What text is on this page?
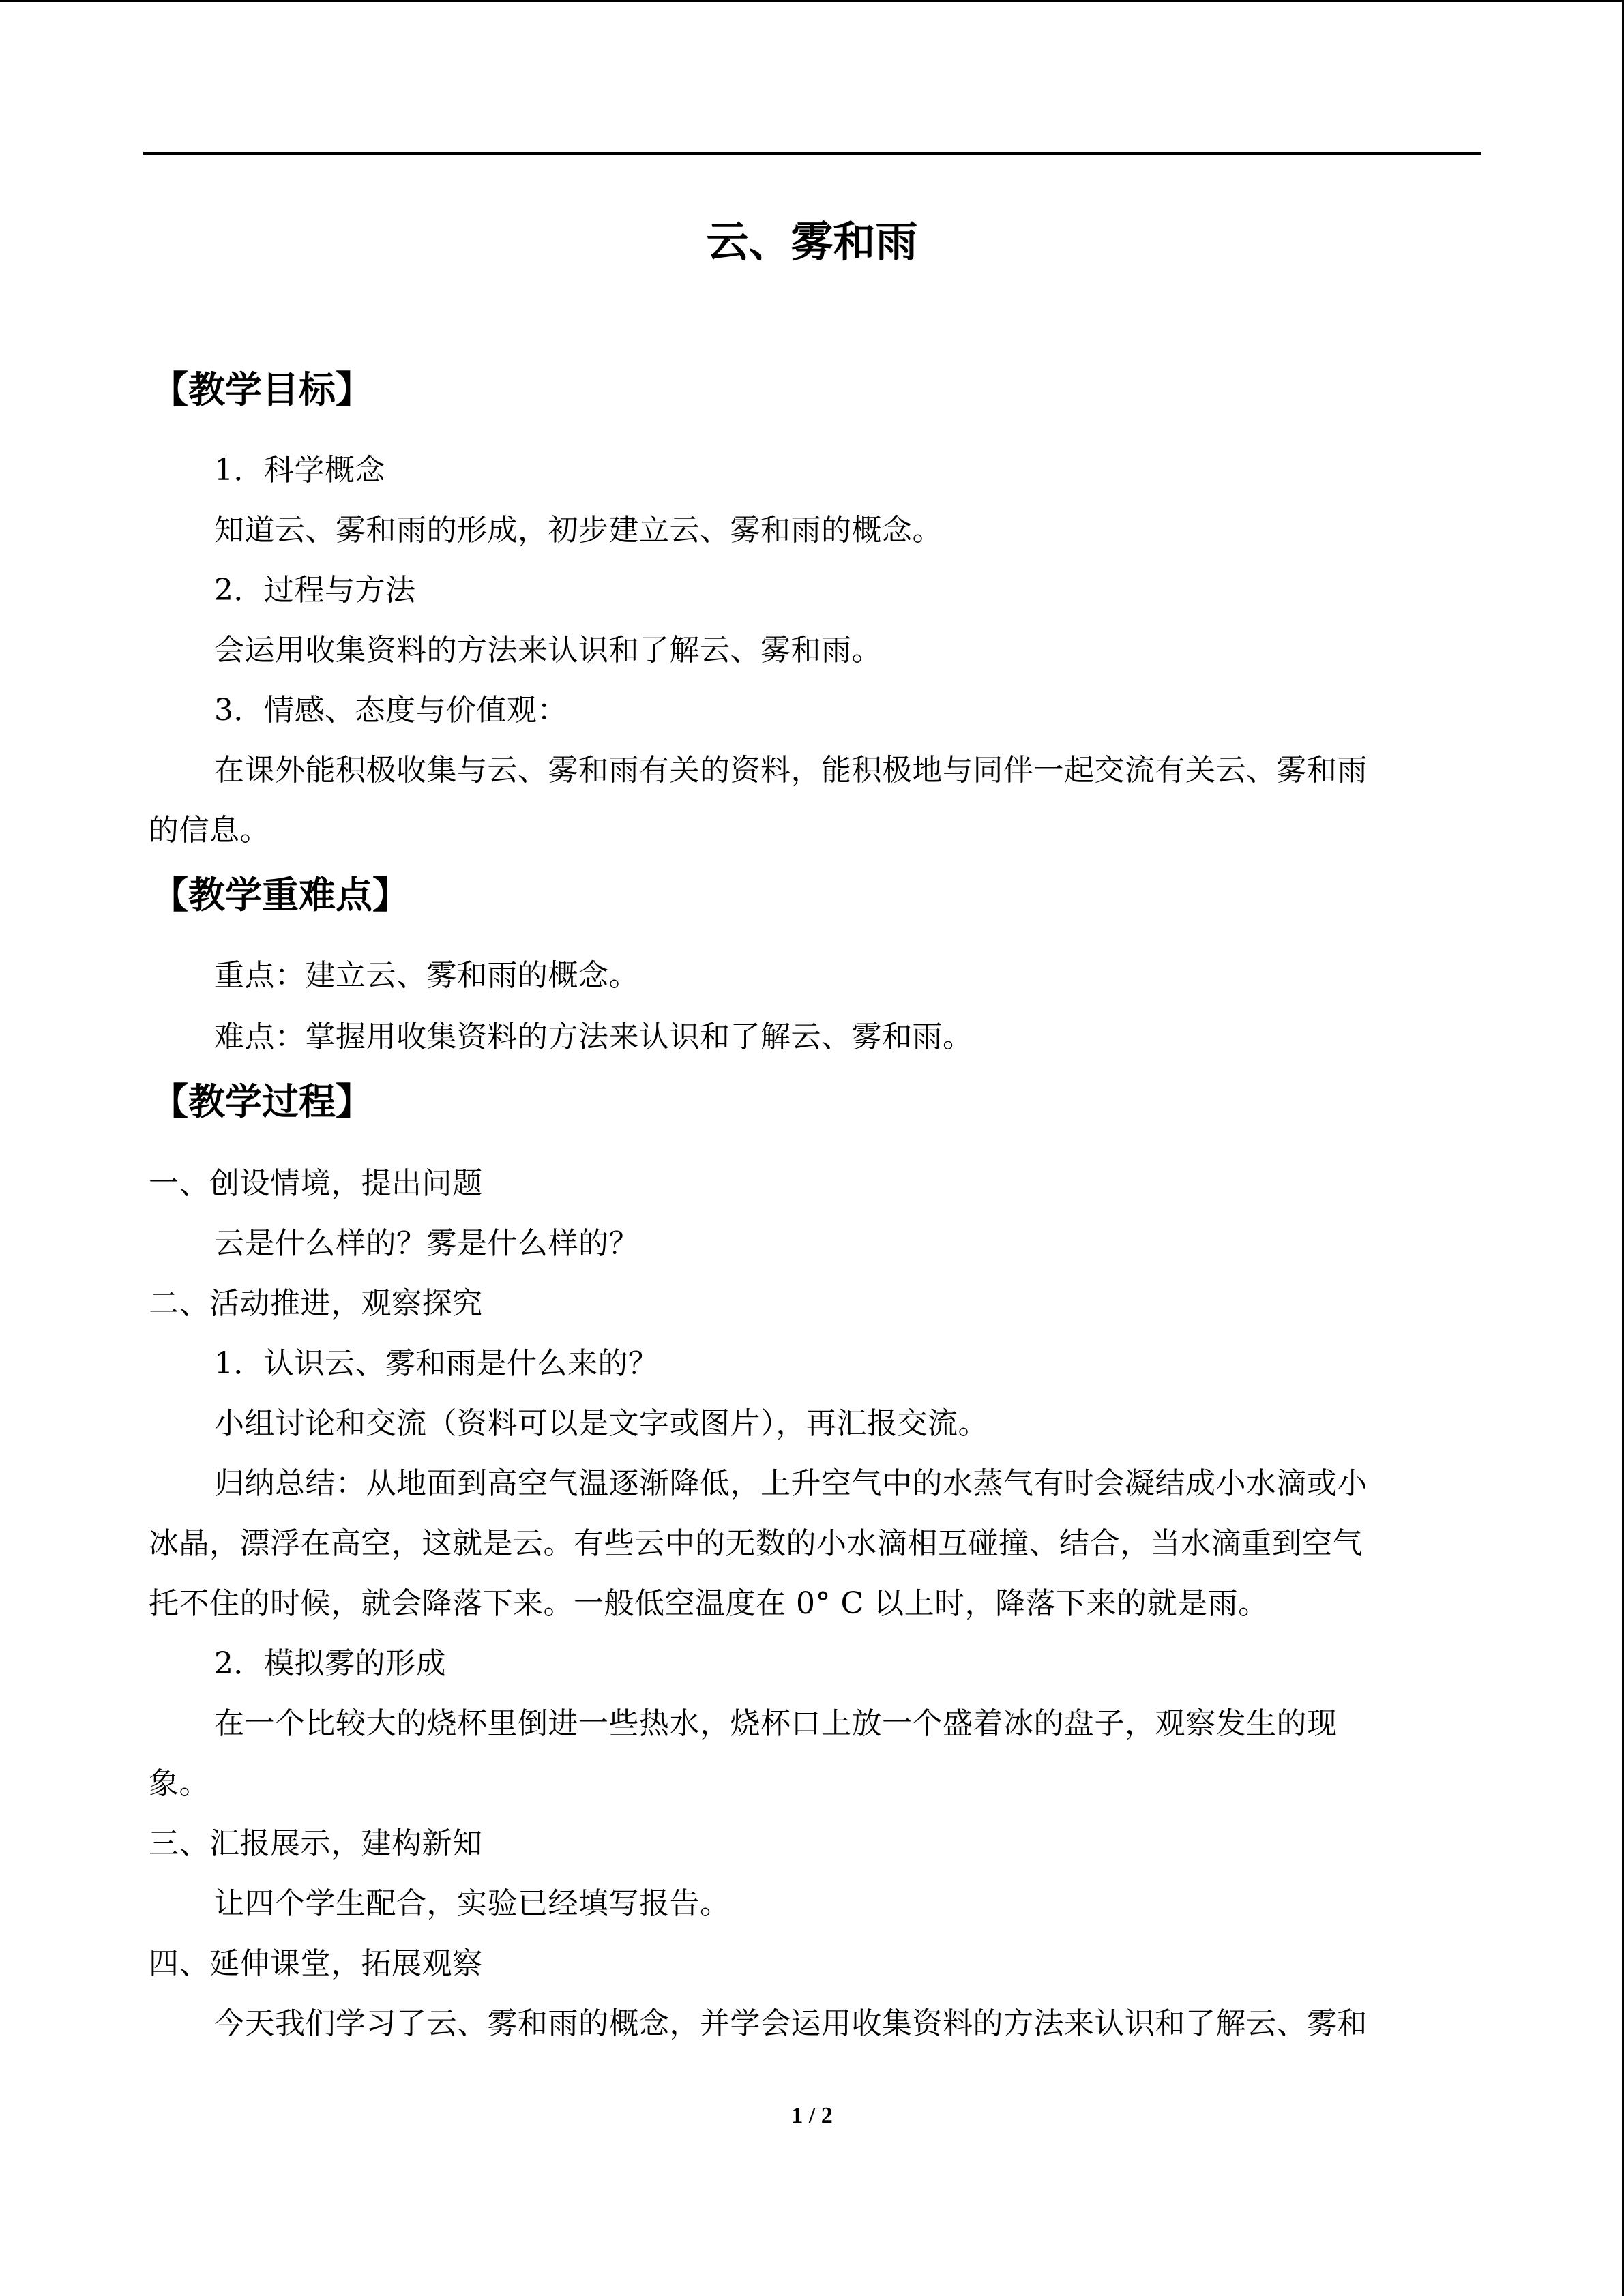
云、雾和雨
【教学目标】
1．科学概念
知道云、雾和雨的形成，初步建立云、雾和雨的概念。
2．过程与方法
会运用收集资料的方法来认识和了解云、雾和雨。
3．情感、态度与价值观：
在课外能积极收集与云、雾和雨有关的资料，能积极地与同伴一起交流有关云、雾和雨
的信息。
【教学重难点】
重点：建立云、雾和雨的概念。
难点：掌握用收集资料的方法来认识和了解云、雾和雨。
【教学过程】
一、创设情境，提出问题
云是什么样的？雾是什么样的？
二、活动推进，观察探究
1．认识云、雾和雨是什么来的？
小组讨论和交流（资料可以是文字或图片），再汇报交流。
归纳总结：从地面到高空气温逐渐降低，上升空气中的水蒸气有时会凝结成小水滴或小
冰晶，漂浮在高空，这就是云。有些云中的无数的小水滴相互碰撞、结合，当水滴重到空气
托不住的时候，就会降落下来。一般低空温度在 0° C 以上时，降落下来的就是雨。
2．模拟雾的形成
在一个比较大的烧杯里倒进一些热水，烧杯口上放一个盛着冰的盘子，观察发生的现
象。
三、汇报展示，建构新知
让四个学生配合，实验已经填写报告。
四、延伸课堂，拓展观察
今天我们学习了云、雾和雨的概念，并学会运用收集资料的方法来认识和了解云、雾和
1 / 2
